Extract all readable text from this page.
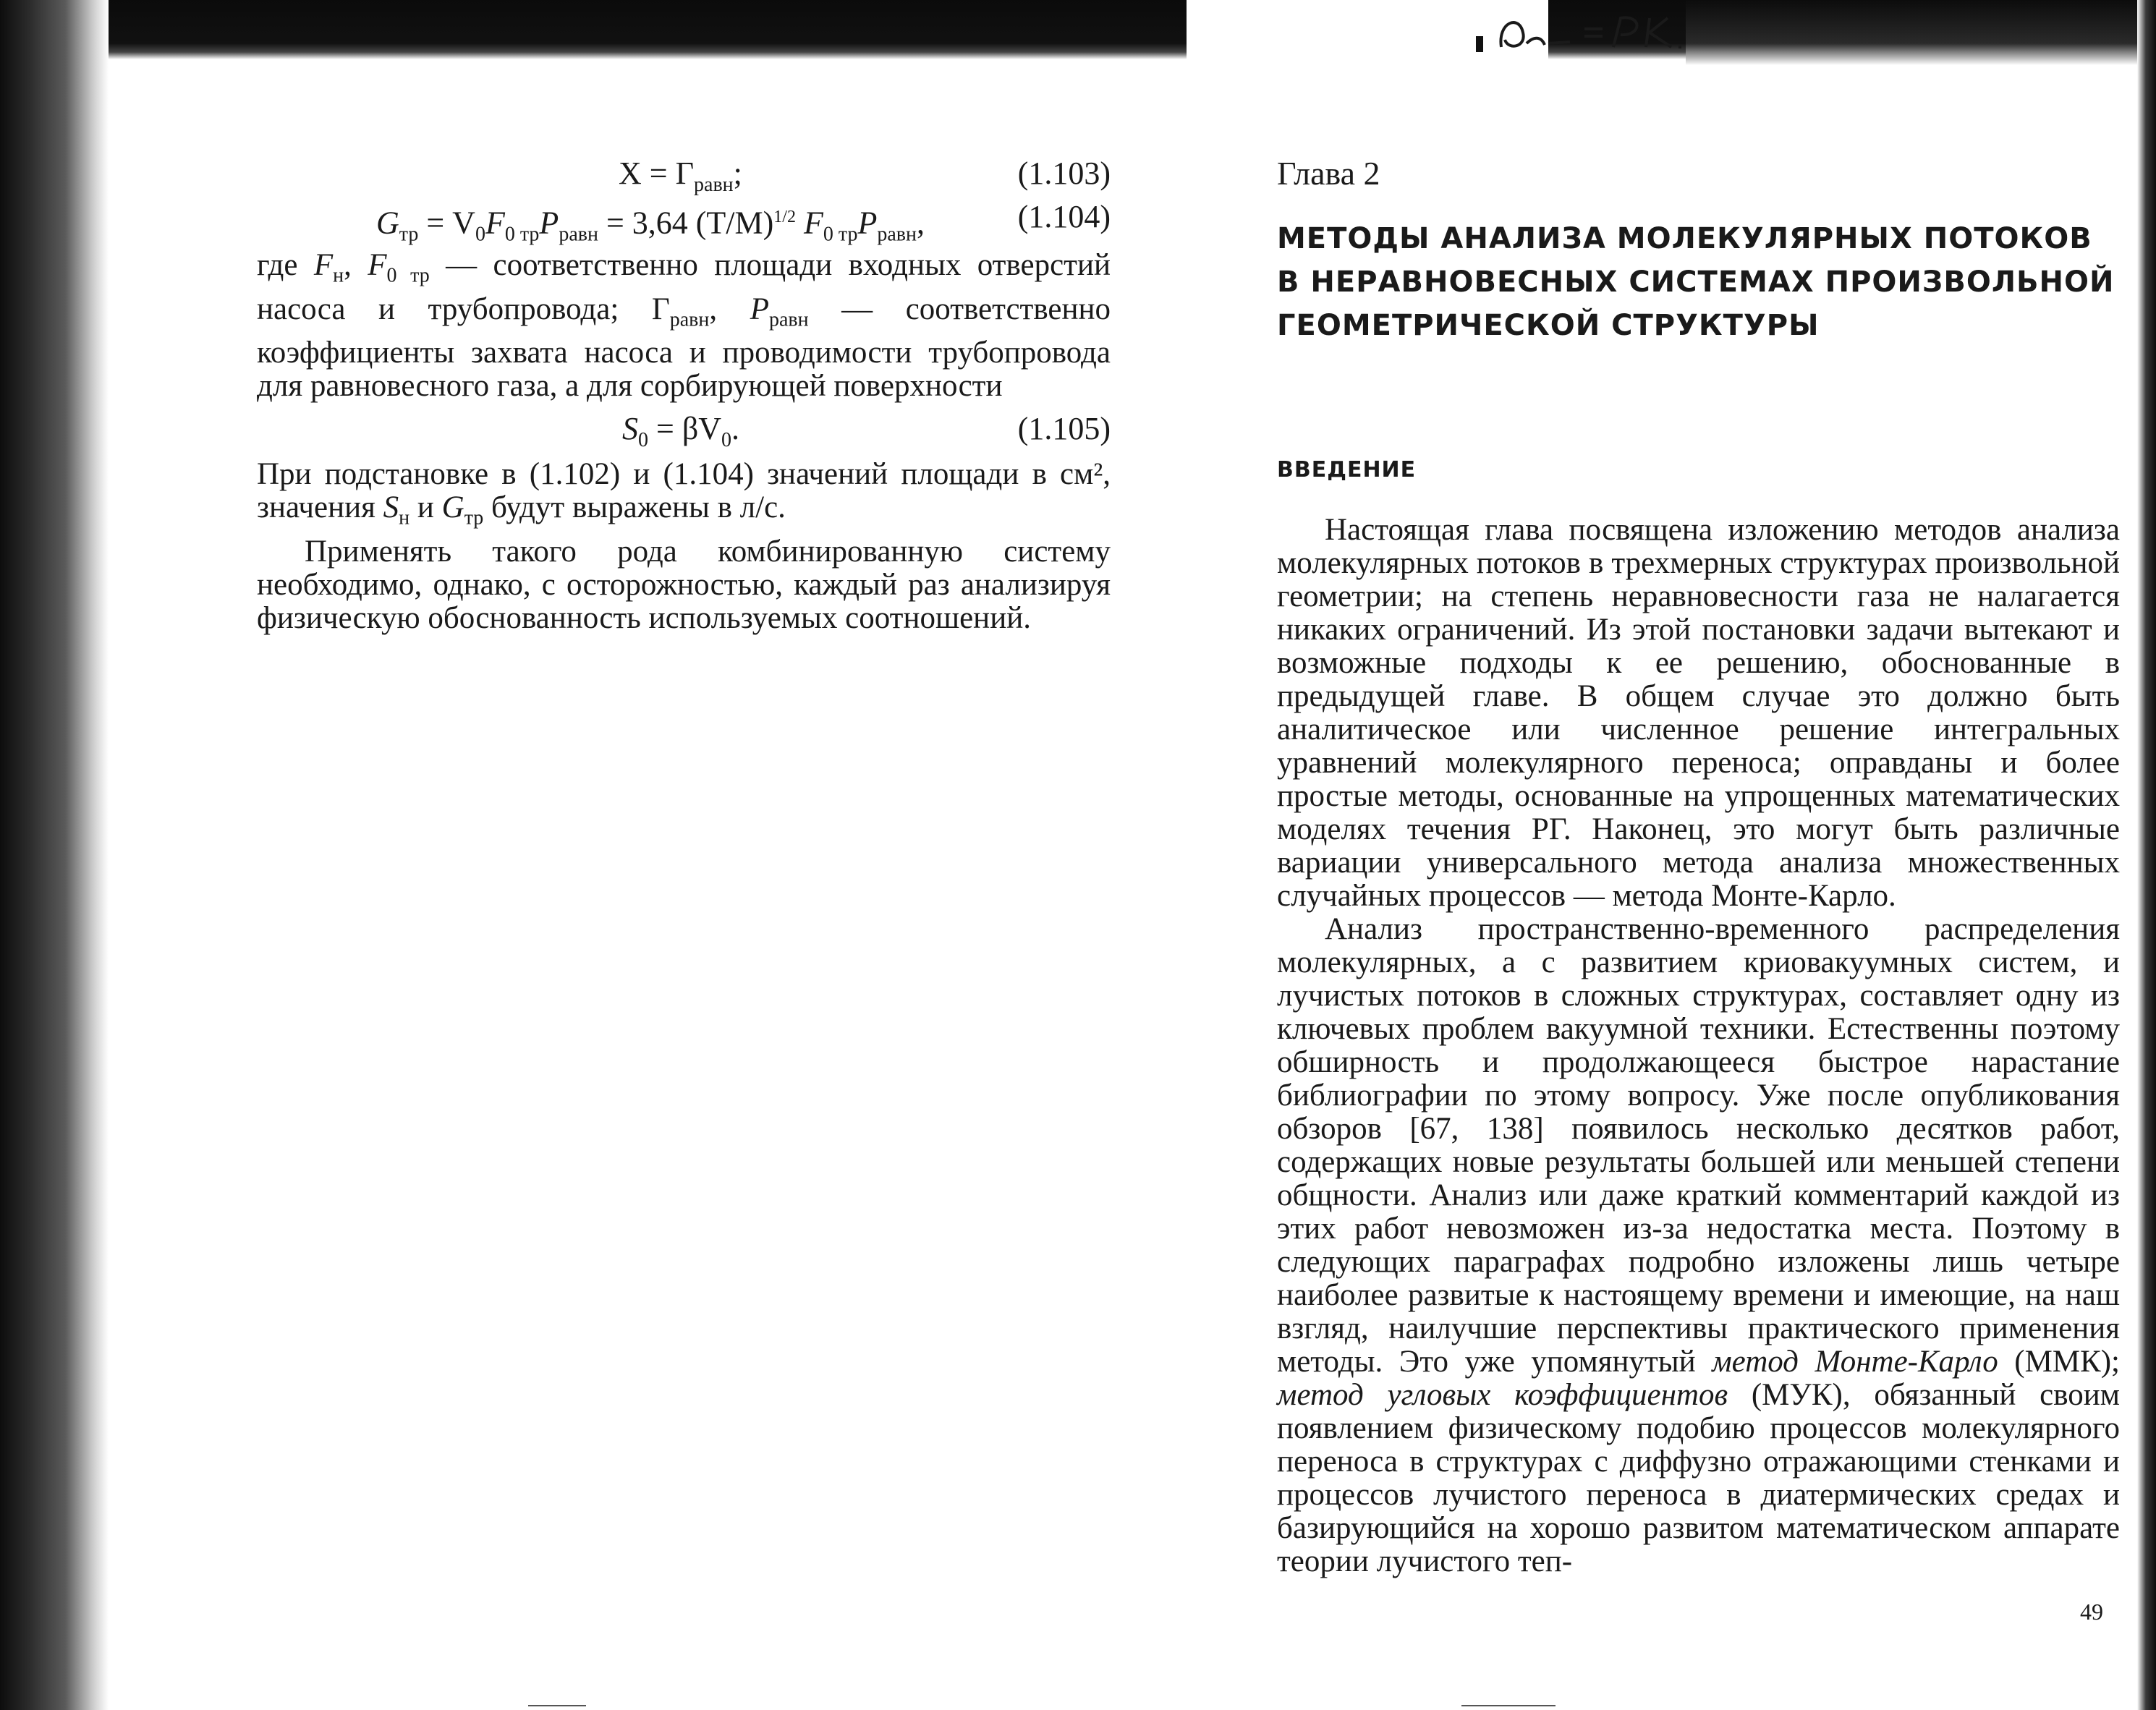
$X = \Gamma_{равн}$;	(1.103)
$G_{тр} = V_0F_{0 тр}P_{равн} = 3,64$ $(T/M)^{1/2}$ $F_{0 тр}P_{равн}$,	(1.104)

где $F_н$, $F_{0 тр}$ — соответственно площади входных отверстий насоса и трубопровода; $\Gamma_{равн}$, $P_{равн}$ — соответственно коэффициенты захвата насоса и проводимости трубопровода для равновесного газа, а для сорбирующей поверхности

$S_0 = \beta V_0$.	(1.105)

При подстановке в (1.102) и (1.104) значений площади в см², значения $S_н$ и $G_{тр}$ будут выражены в л/с.

Применять такого рода комбинированную систему необходимо, однако, с осторожностью, каждый раз анализируя физическую обоснованность используемых соотношений.

Глава 2

МЕТОДЫ АНАЛИЗА МОЛЕКУЛЯРНЫХ ПОТОКОВ

В НЕРАВНОВЕСНЫХ СИСТЕМАХ ПРОИЗВОЛЬНОЙ

ГЕОМЕТРИЧЕСКОЙ СТРУКТУРЫ

ВВЕДЕНИЕ

Настоящая глава посвящена изложению методов анализа молекулярных потоков в трехмерных структурах произвольной геометрии; на степень неравновесности газа не налагается никаких ограничений. Из этой постановки задачи вытекают и возможные подходы к ее решению, обоснованные в предыдущей главе. В общем случае это должно быть аналитическое или численное решение интегральных уравнений молекулярного переноса; оправданы и более простые методы, основанные на упрощенных математических моделях течения РГ. Наконец, это могут быть различные вариации универсального метода анализа множественных случайных процессов — метода Монте-Карло.

Анализ пространственно-временного распределения молекулярных, а с развитием криовакуумных систем, и лучистых потоков в сложных структурах, составляет одну из ключевых проблем вакуумной техники. Естественны поэтому обширность и продолжающееся быстрое нарастание библиографии по этому вопросу. Уже после опубликования обзоров [67, 138] появилось несколько десятков работ, содержащих новые результаты большей или меньшей степени общности. Анализ или даже краткий комментарий каждой из этих работ невозможен из-за недостатка места. Поэтому в следующих параграфах подробно изложены лишь четыре наиболее развитые к настоящему времени и имеющие, на наш взгляд, наилучшие перспективы практического применения методы. Это уже упомянутый метод Монте-Карло (ММК); метод угловых коэффициентов (МУК), обязанный своим появлением физическому подобию процессов молекулярного переноса в структурах с диффузно отражающими стенками и процессов лучистого переноса в диатермических средах и базирующийся на хорошо развитом математическом аппарате теории лучистого теп-

49
